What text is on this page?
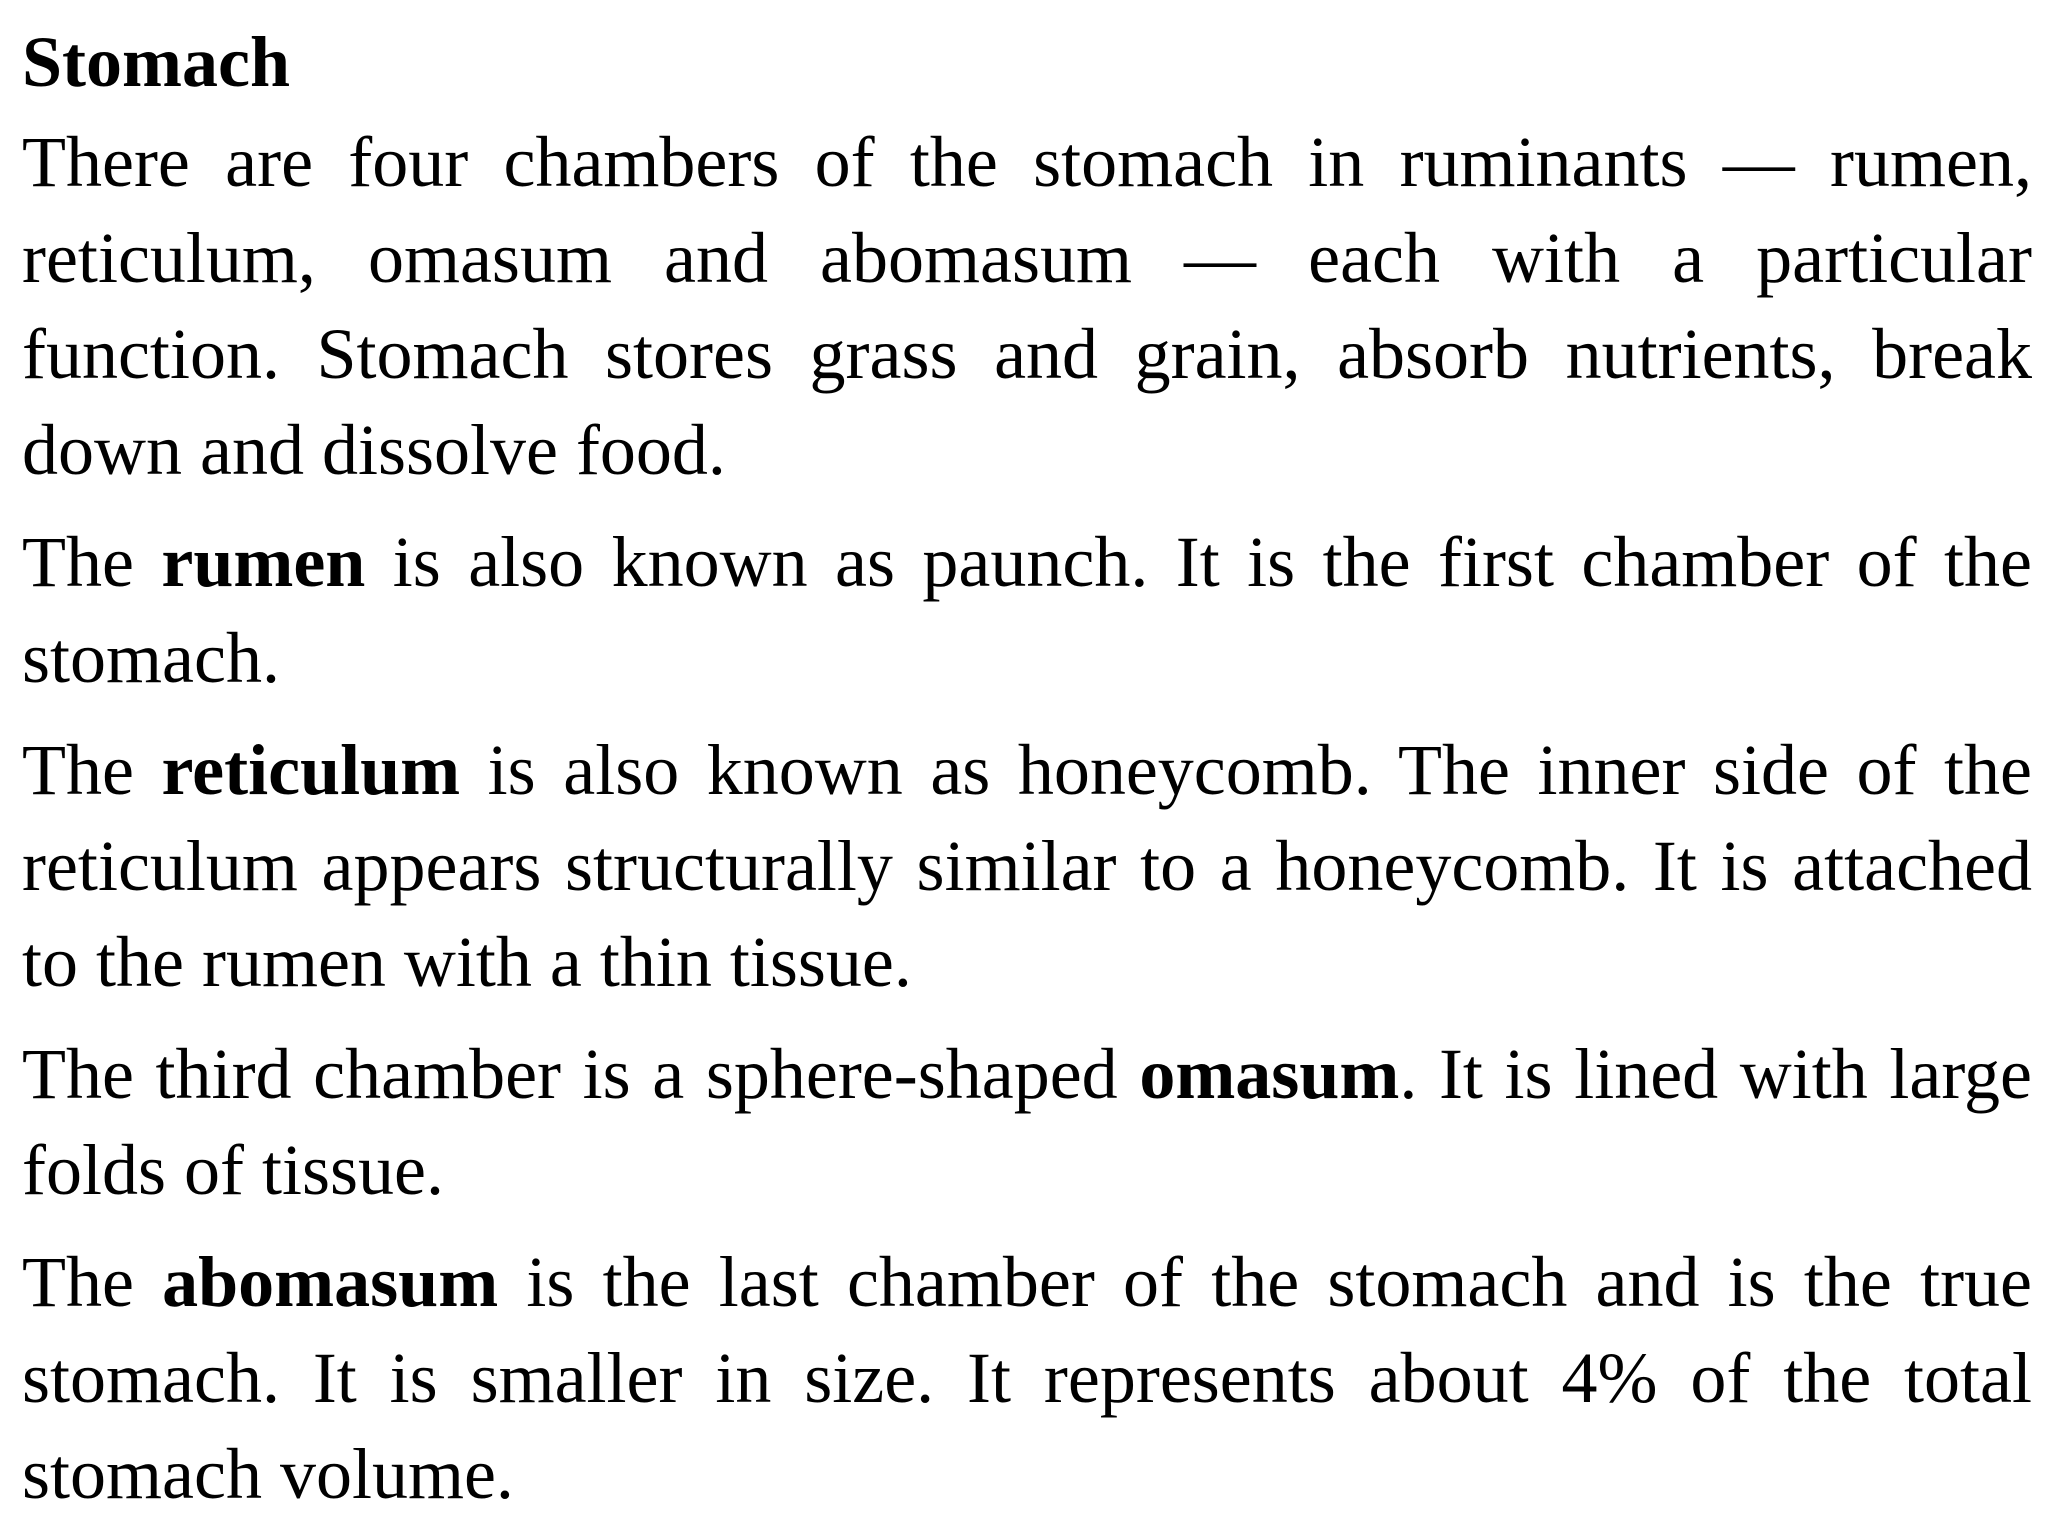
Stomach

There are four chambers of the stomach in ruminants — rumen, reticulum, omasum and abomasum — each with a particular function. Stomach stores grass and grain, absorb nutrients, break down and dissolve food.

The rumen is also known as paunch. It is the first chamber of the stomach.

The reticulum is also known as honeycomb. The inner side of the reticulum appears structurally similar to a honeycomb. It is attached to the rumen with a thin tissue.

The third chamber is a sphere-shaped omasum. It is lined with large folds of tissue.

The abomasum is the last chamber of the stomach and is the true stomach. It is smaller in size. It represents about 4% of the total stomach volume.
